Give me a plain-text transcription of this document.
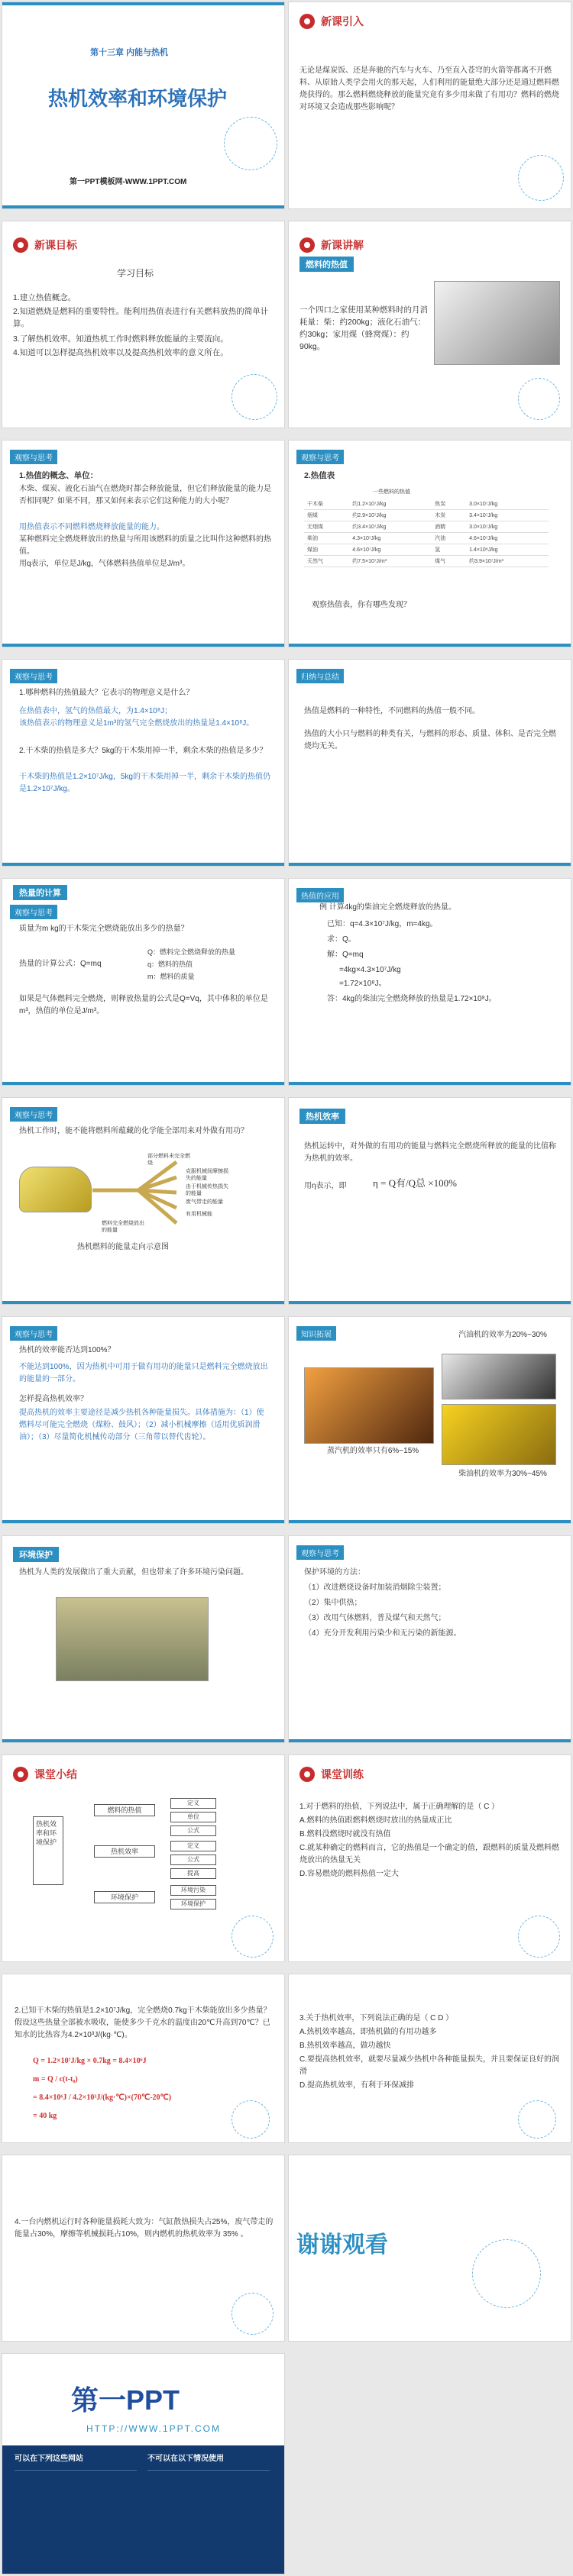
第十三章 内能与热机
热机效率和环境保护
第一PPT模板网-WWW.1PPT.COM
新课引入
无论是煤炭饭、还是奔驰的汽车与火车、乃至直入苍穹的火箭等都离不开燃料、从原始人类学会用火的那天起，人们利用的能量绝大部分还是通过燃料燃烧获得的。那么燃料燃烧释放的能量究竟有多少用来做了有用功？燃料的燃烧对环境又会造成那些影响呢？
新课目标
学习目标
1.建立热值概念。
2.知道燃烧是燃料的重要特性。能利用热值表进行有关燃料放热的简单计算。
3.了解热机效率。知道热机工作时燃料释放能量的主要流向。
4.知道可以怎样提高热机效率以及提高热机效率的意义所在。
新课讲解
燃料的热值
一个四口之家使用某种燃料时的月消耗量：柴：约200kg；液化石油气：约30kg；家用煤（蜂窝煤）：约90kg。
观察与思考
1.热值的概念、单位：
木柴、煤炭、液化石油气在燃烧时都会释放能量，但它们释放能量的能力是否相同呢？如果不同，那又如何来表示它们这种能力的大小呢？
用热值表示不同燃料燃烧释放能量的能力。
某种燃料完全燃烧释放出的热量与所用该燃料的质量之比叫作这种燃料的热值。
用q表示，单位是J/kg，气体燃料热值单位是J/m³。
观察与思考
2.热值表
一些燃料的热值
干木柴	约1.2×10⁷J/kg	焦炭	3.0×10⁷J/kg
烟煤	约2.9×10⁷J/kg	木炭	3.4×10⁷J/kg
无烟煤	约3.4×10⁷J/kg	酒精	3.0×10⁷J/kg
柴油	4.3×10⁷J/kg	汽油	4.6×10⁷J/kg
煤油	4.6×10⁷J/kg	氢	1.4×10⁸J/kg
天然气	约7.5×10⁷J/m³	煤气	约3.9×10⁷J/m³
观察热值表，你有哪些发现？
观察与思考
1.哪种燃料的热值最大？它表示的物理意义是什么？
在热值表中，氢气的热值最大，为1.4×10⁸J；
该热值表示的物理意义是1m³的氢气完全燃烧放出的热量是1.4×10⁸J。
2.干木柴的热值是多大？5kg的干木柴用掉一半，剩余木柴的热值是多少？
干木柴的热值是1.2×10⁷J/kg，5kg的干木柴用掉一半，剩余干木柴的热值仍是1.2×10⁷J/kg。
归纳与总结
热值是燃料的一种特性，不同燃料的热值一般不同。
热值的大小只与燃料的种类有关，与燃料的形态、质量、体积、是否完全燃烧均无关。
热量的计算
观察与思考
质量为m kg的干木柴完全燃烧能放出多少的热量？
热量的计算公式：Q=mq
Q：燃料完全燃烧释放的热量
q：燃料的热值
m：燃料的质量
如果是气体燃料完全燃烧，则释放热量的公式是Q=Vq，其中体积的单位是m³，热值的单位是J/m³。
热值的应用
例 计算4kg的柴油完全燃烧释放的热量。
已知：q=4.3×10⁷J/kg，m=4kg。
求：Q。
解：Q=mq
=4kg×4.3×10⁷J/kg
=1.72×10⁸J。
答：4kg的柴油完全燃烧释放的热量是1.72×10⁸J。
观察与思考
热机工作时，能不能将燃料所蕴藏的化学能全部用来对外做有用功？
部分燃料未完全燃烧
克服机械间摩擦损失的能量
由于机械传热损失的能量
废气带走的能量
有用机械能
燃料完全燃烧放出的能量
热机燃料的能量走向示意图
热机效率
热机运转中，对外做的有用功的能量与燃料完全燃烧所释放的能量的比值称为热机的效率。
用η表示，即	η = Q有/Q总 ×100%
观察与思考
热机的效率能否达到100%？
不能达到100%，因为热机中可用于做有用功的能量只是燃料完全燃烧放出的能量的一部分。
怎样提高热机效率？
提高热机的效率主要途径是减少热机各种能量损失。具体措施为：（1）使燃料尽可能完全燃烧（煤粉、鼓风）；（2）减小机械摩擦（适用优质润滑油）；（3）尽量简化机械传动部分（三角带以替代齿轮）。
知识拓展	汽油机的效率为20%~30%
蒸汽机的效率只有6%~15%
柴油机的效率为30%~45%
环境保护
热机为人类的发展做出了重大贡献，但也带来了许多环境污染问题。
观察与思考
保护环境的方法：
（1）改进燃烧设备时加装消烟除尘装置；
（2）集中供热；
（3）改用气体燃料，普及煤气和天然气；
（4）充分开发利用污染少和无污染的新能源。
课堂小结
热机效率和环境保护
燃料的热值
热机效率
环境保护
定义
单位
公式
定义
公式
提高
环境污染
环境保护
课堂训练
1.对于燃料的热值，下列说法中，属于正确理解的是（ C ）
A.燃料的热值跟燃料燃烧时放出的热量成正比
B.燃料没燃烧时就没有热值
C.就某种确定的燃料而言，它的热值是一个确定的值，跟燃料的质量及燃料燃烧放出的热量无关
D.容易燃烧的燃料热值一定大
2.已知干木柴的热值是1.2×10⁷J/kg，完全燃烧0.7kg干木柴能放出多少热量？假设这些热量全部被水吸收，能使多少千克水的温度由20℃升高到70℃？已知水的比热容为4.2×10³J/(kg·℃)。
Q = 1.2×10⁷J/kg × 0.7kg = 8.4×10⁶J
m = Q / c(t-t₀)
= 8.4×10⁶J / 4.2×10³J/(kg·℃)×(70℃-20℃)
= 40 kg
3.关于热机效率，下列说法正确的是（ C D ）
A.热机效率越高，即热机做的有用功越多
B.热机效率越高，做功越快
C.要提高热机效率，就要尽量减少热机中各种能量损失，并且要保证良好的润滑
D.提高热机效率，有利于环保减排
4.一台内燃机运行时各种能量损耗大致为：气缸散热损失占25%，废气带走的能量占30%，摩擦等机械损耗占10%，则内燃机的热机效率为 35% 。	谢谢观看
第一PPT
HTTP://WWW.1PPT.COM
可以在下列这些网站	不可以在以下情况使用
